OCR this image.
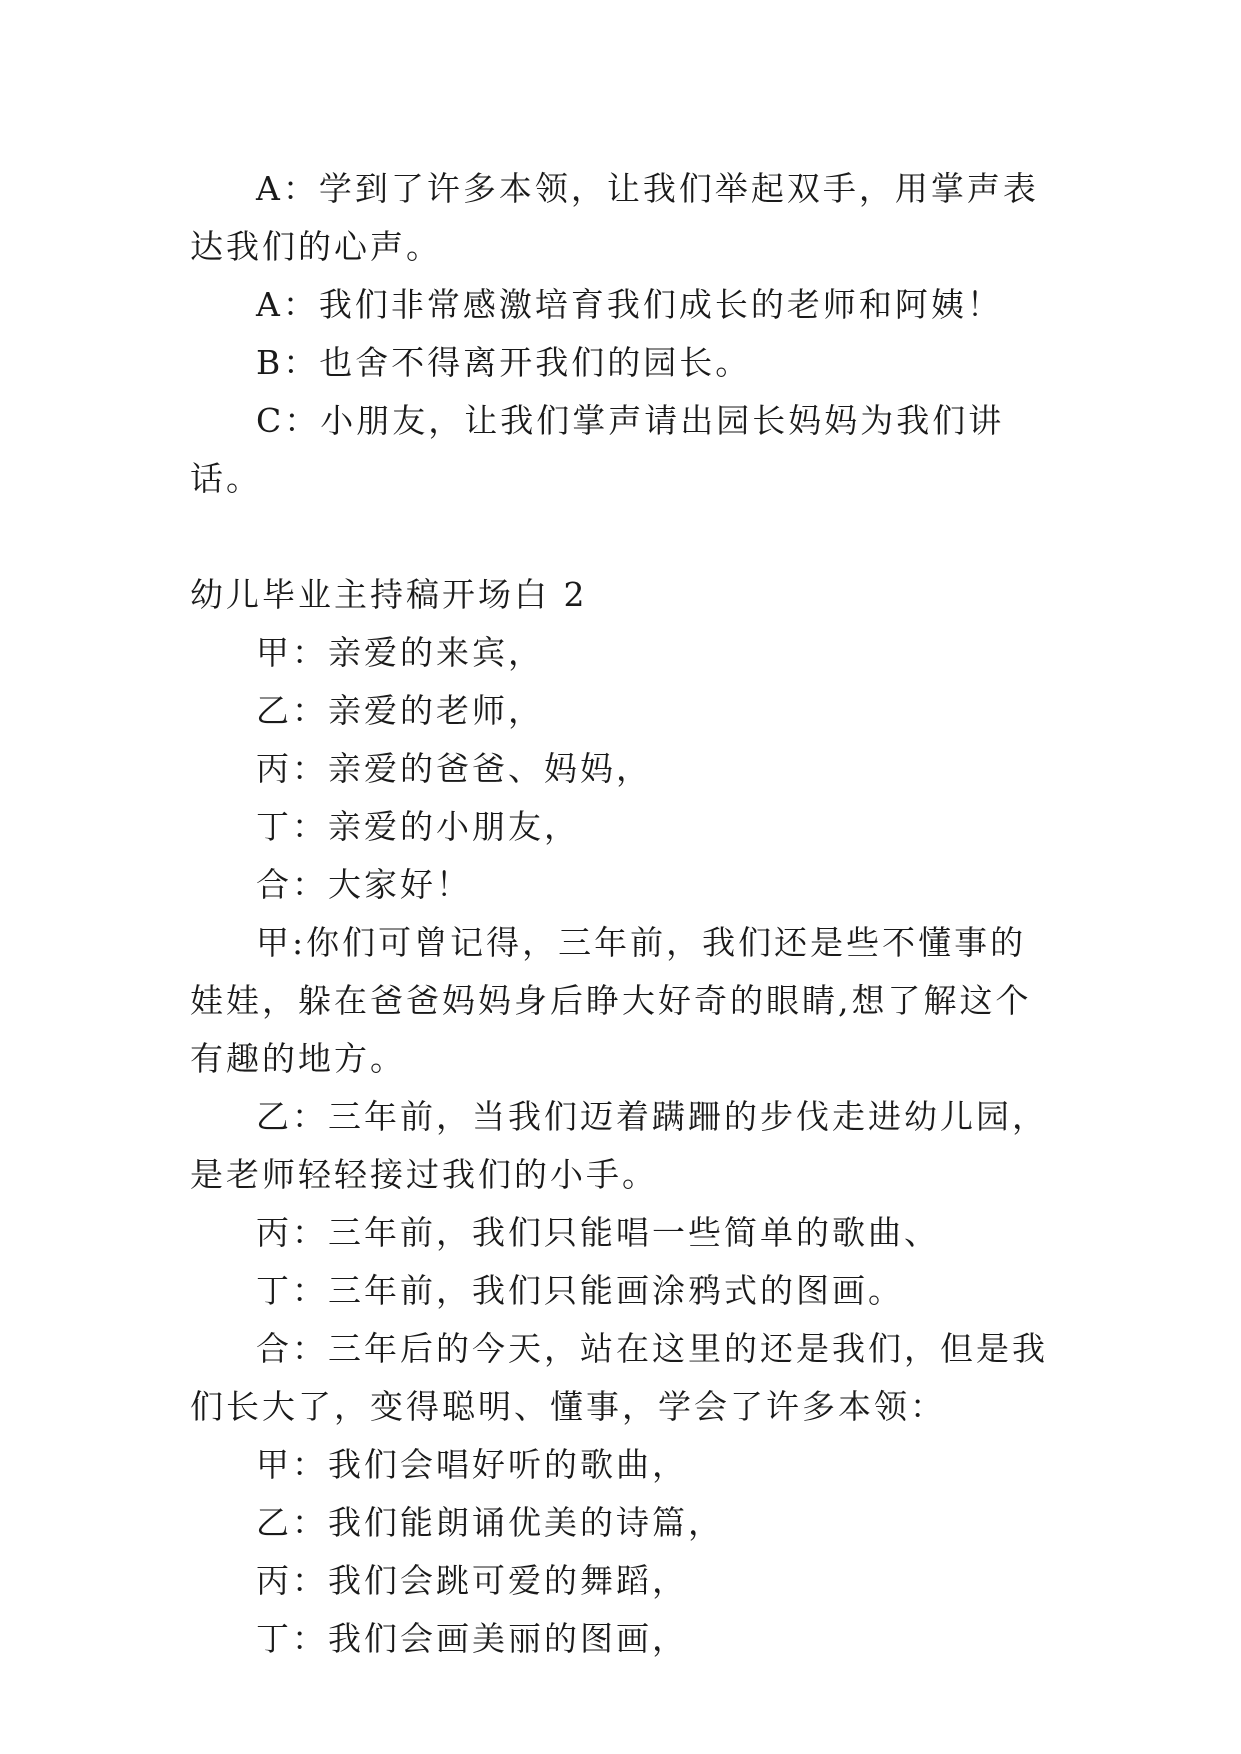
A：学到了许多本领，让我们举起双手，用掌声表达我们的心声。

A：我们非常感激培育我们成长的老师和阿姨！

B：也舍不得离开我们的园长。

C：小朋友，让我们掌声请出园长妈妈为我们讲话。

幼儿毕业主持稿开场白 2

甲：亲爱的来宾，

乙：亲爱的老师，

丙：亲爱的爸爸、妈妈，

丁：亲爱的小朋友，

合：大家好！

甲:你们可曾记得，三年前，我们还是些不懂事的娃娃，躲在爸爸妈妈身后睁大好奇的眼睛,想了解这个有趣的地方。

乙：三年前，当我们迈着蹒跚的步伐走进幼儿园，是老师轻轻接过我们的小手。

丙：三年前，我们只能唱一些简单的歌曲、

丁：三年前，我们只能画涂鸦式的图画。

合：三年后的今天，站在这里的还是我们，但是我们长大了，变得聪明、懂事，学会了许多本领：

甲：我们会唱好听的歌曲，

乙：我们能朗诵优美的诗篇，

丙：我们会跳可爱的舞蹈，

丁：我们会画美丽的图画，
